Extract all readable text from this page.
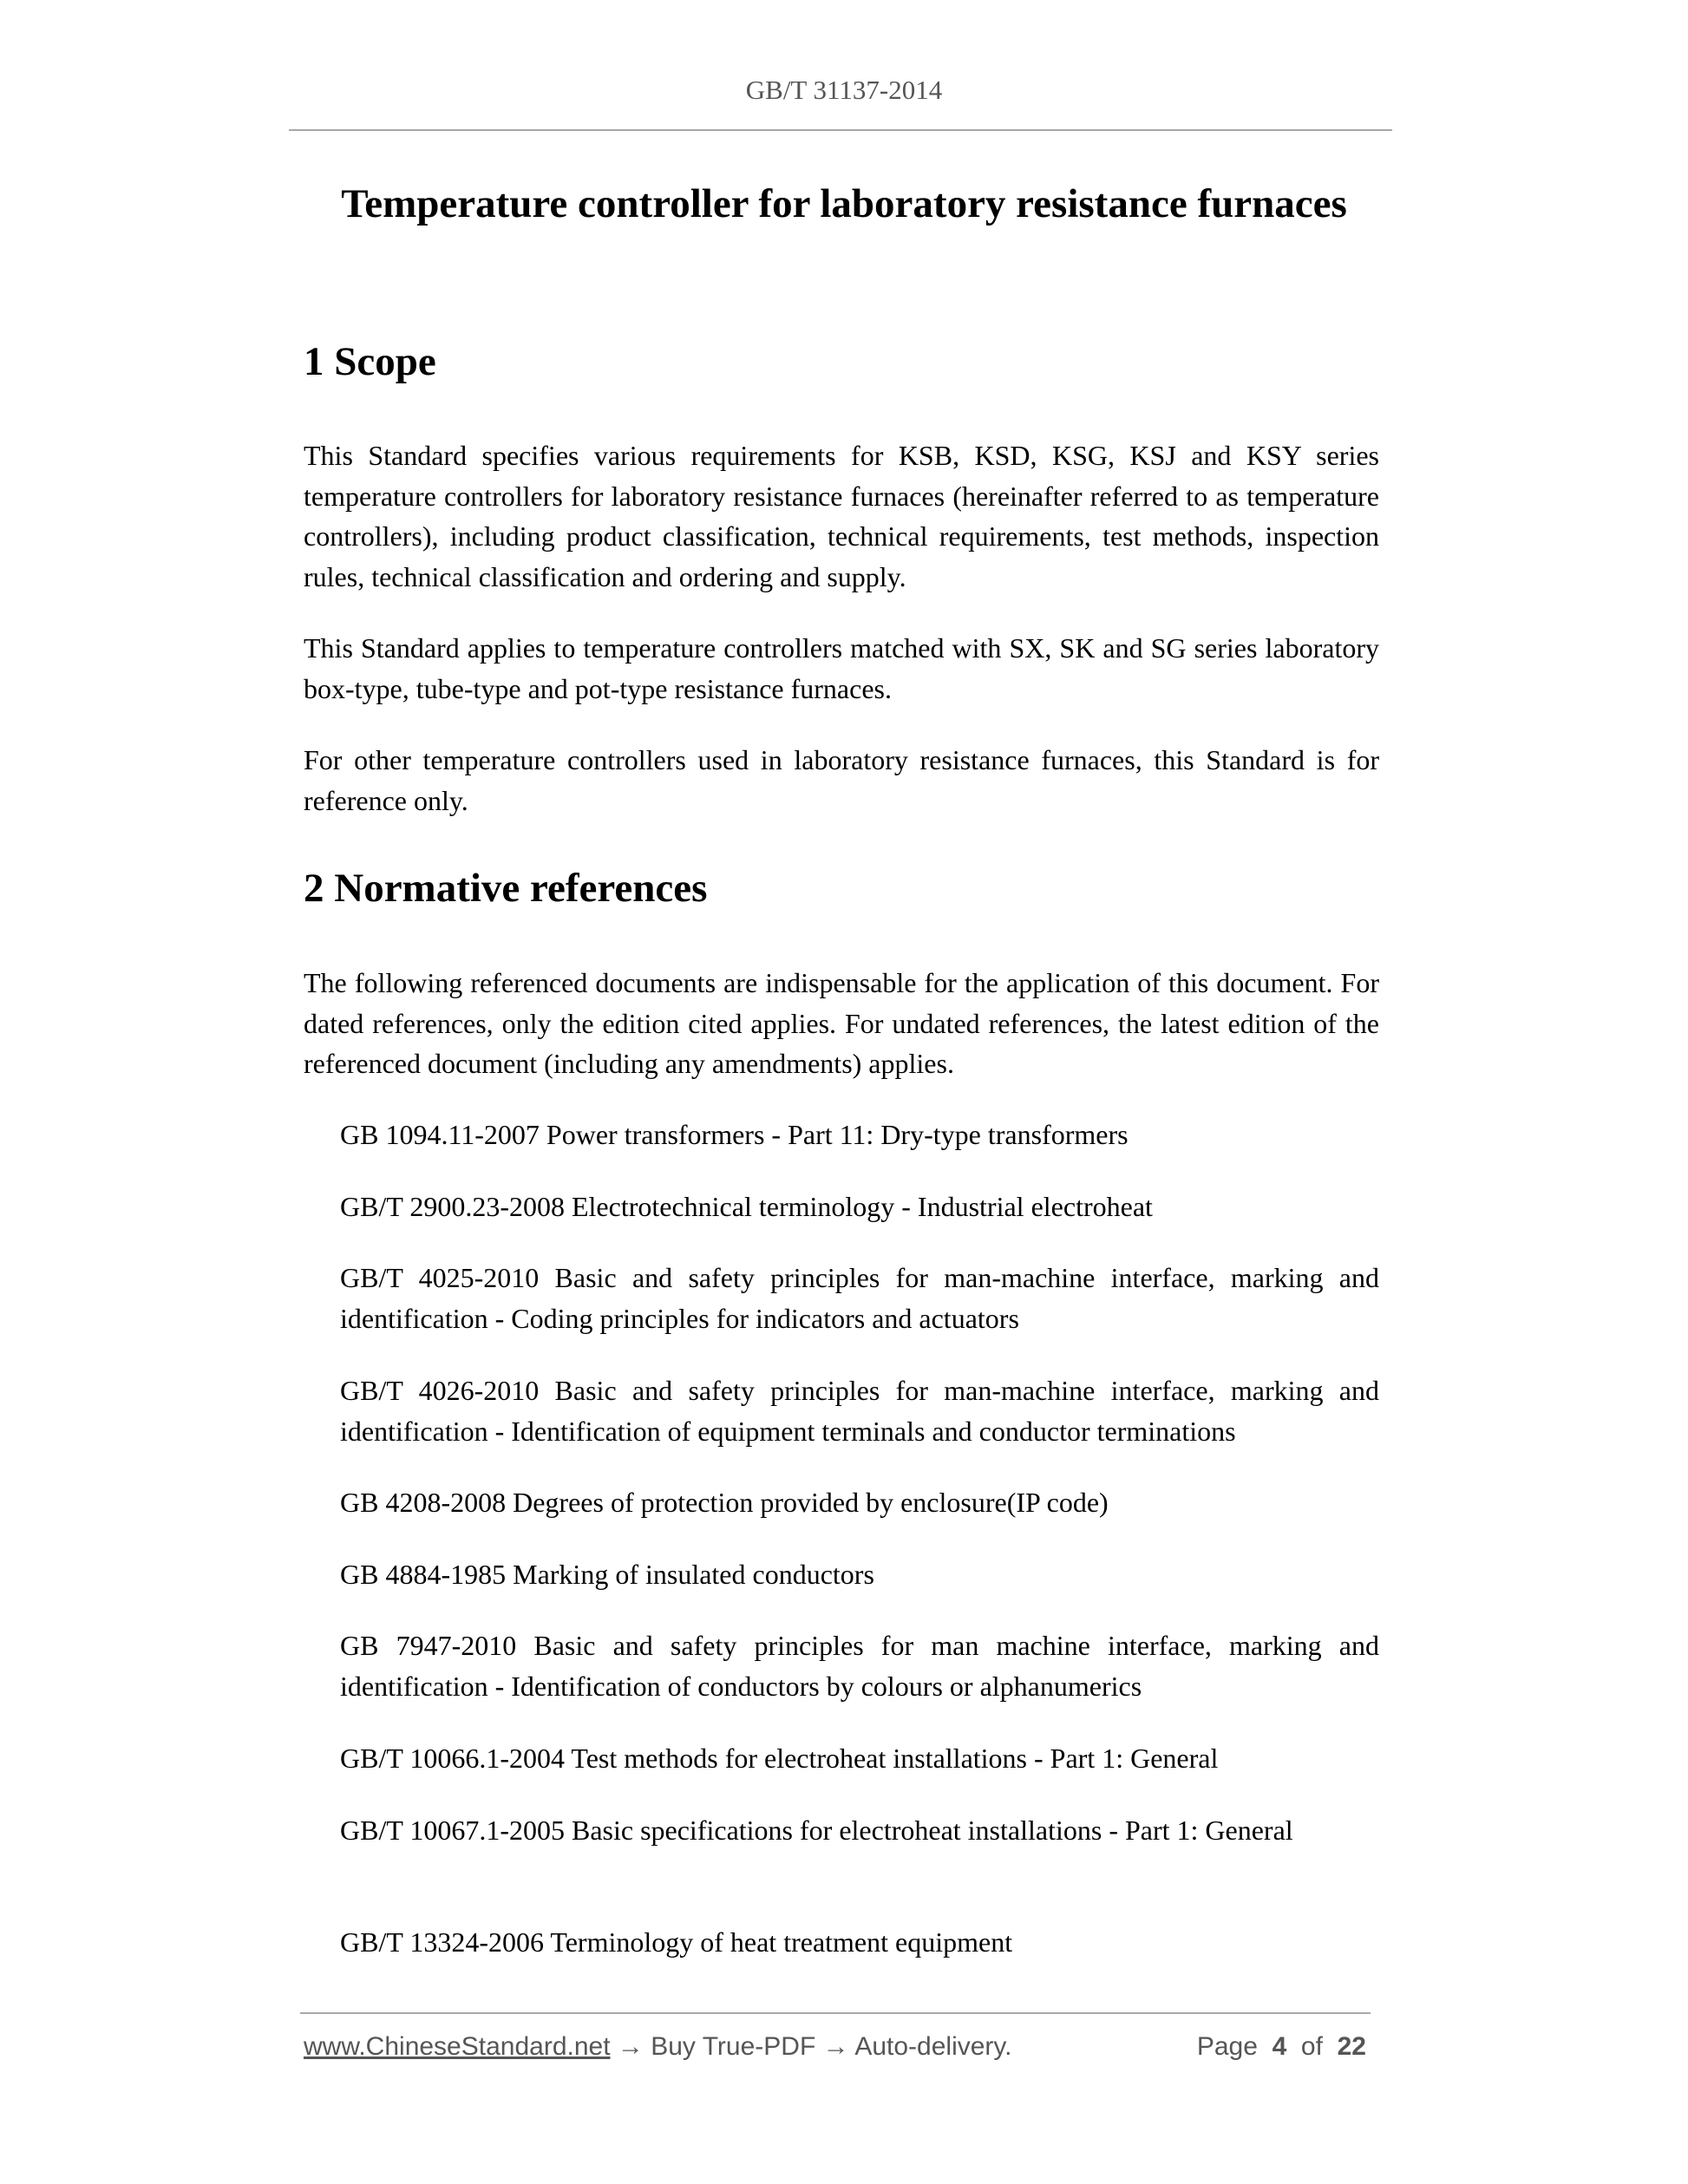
GB/T 31137-2014
Temperature controller for laboratory resistance furnaces
1 Scope
This Standard specifies various requirements for KSB, KSD, KSG, KSJ and KSY series temperature controllers for laboratory resistance furnaces (hereinafter referred to as temperature controllers), including product classification, technical requirements, test methods, inspection rules, technical classification and ordering and supply.
This Standard applies to temperature controllers matched with SX, SK and SG series laboratory box-type, tube-type and pot-type resistance furnaces.
For other temperature controllers used in laboratory resistance furnaces, this Standard is for reference only.
2 Normative references
The following referenced documents are indispensable for the application of this document. For dated references, only the edition cited applies. For undated references, the latest edition of the referenced document (including any amendments) applies.
GB 1094.11-2007 Power transformers - Part 11: Dry-type transformers
GB/T 2900.23-2008 Electrotechnical terminology - Industrial electroheat
GB/T 4025-2010 Basic and safety principles for man-machine interface, marking and identification - Coding principles for indicators and actuators
GB/T 4026-2010 Basic and safety principles for man-machine interface, marking and identification - Identification of equipment terminals and conductor terminations
GB 4208-2008 Degrees of protection provided by enclosure(IP code)
GB 4884-1985 Marking of insulated conductors
GB 7947-2010 Basic and safety principles for man machine interface, marking and identification - Identification of conductors by colours or alphanumerics
GB/T 10066.1-2004 Test methods for electroheat installations - Part 1: General
GB/T 10067.1-2005 Basic specifications for electroheat installations - Part 1: General
GB/T 13324-2006 Terminology of heat treatment equipment
www.ChineseStandard.net → Buy True-PDF → Auto-delivery.	Page 4 of 22
